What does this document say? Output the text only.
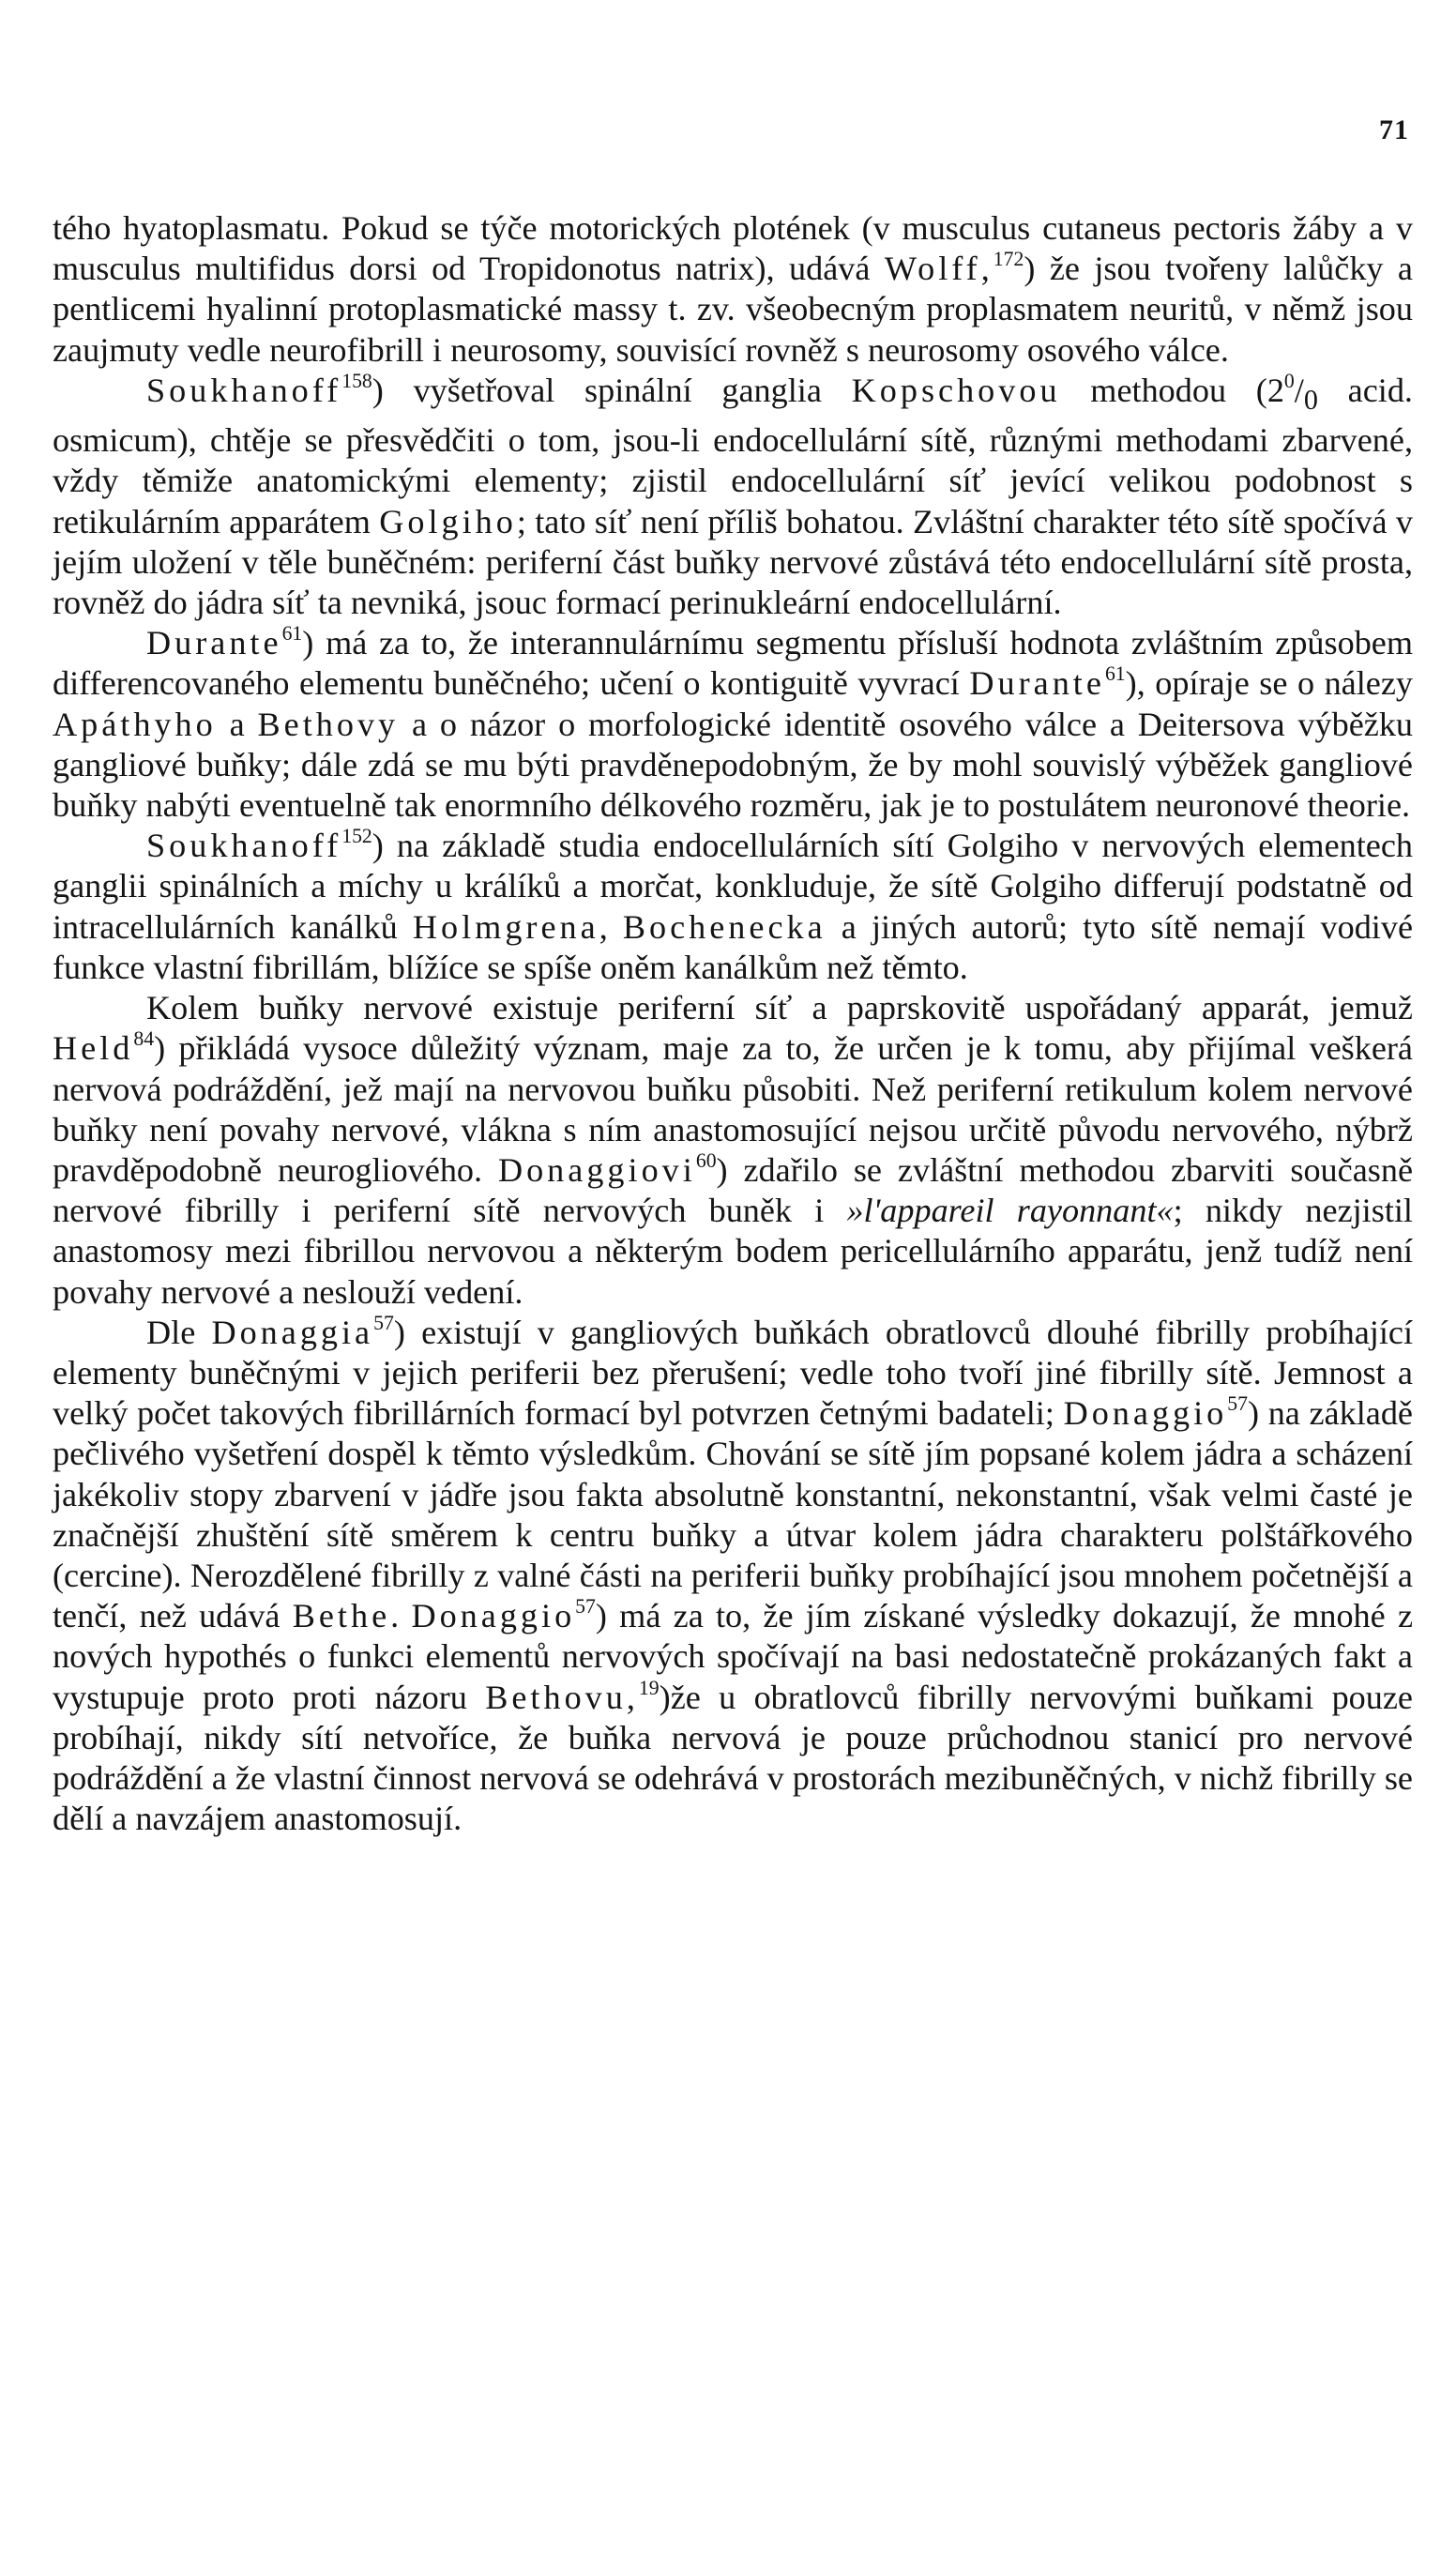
71

tého hyatoplasmatu. Pokud se týče motorických plotének (v musculus cutaneus pectoris žáby a v musculus multifidus dorsi od Tropidonotus natrix), udává Wolff,$^{172}$) že jsou tvořeny lalůčky a pentlicemi hyalinní protoplasmatické massy t. zv. všeobecným proplasmatem neuritů, v němž jsou zaujmuty vedle neurofibrill i neurosomy, souvisící rovněž s neurosomy osového válce.

Soukhanoff$^{158}$) vyšetřoval spinální ganglia Kopschovou methodou ($2^0/_0$ acid. osmicum), chtěje se přesvědčiti o tom, jsou-li endocellulární sítě, různými methodami zbarvené, vždy těmiže anatomickými elementy; zjistil endocellulární síť jevící velikou podobnost s retikulárním apparátem Golgiho; tato síť není příliš bohatou. Zvláštní charakter této sítě spočívá v jejím uložení v těle buněčném: periferní část buňky nervové zůstává této endocellulární sítě prosta, rovněž do jádra síť ta nevniká, jsouc formací perinukleární endocellulární.

Durante$^{61}$) má za to, že interannulárnímu segmentu přísluší hodnota zvláštním způsobem differencovaného elementu buněčného; učení o kontiguitě vyvrací Durante$^{61}$), opíraje se o nálezy Apáthyho a Bethovy a o názor o morfologické identitě osového válce a Deitersova výběžku gangliové buňky; dále zdá se mu býti pravděnepodobným, že by mohl souvislý výběžek gangliové buňky nabýti eventuelně tak enormního délkového rozměru, jak je to postulátem neuronové theorie.

Soukhanoff$^{152}$) na základě studia endocellulárních sítí Golgiho v nervových elementech ganglii spinálních a míchy u králíků a morčat, konkluduje, že sítě Golgiho differují podstatně od intracellulárních kanálků Holmgrena, Bochenecka a jiných autorů; tyto sítě nemají vodivé funkce vlastní fibrillám, blížíce se spíše oněm kanálkům než těmto.

Kolem buňky nervové existuje periferní síť a paprskovitě uspořádaný apparát, jemuž Held$^{84}$) přikládá vysoce důležitý význam, maje za to, že určen je k tomu, aby přijímal veškerá nervová podráždění, jež mají na nervovou buňku působiti. Než periferní retikulum kolem nervové buňky není povahy nervové, vlákna s ním anastomosující nejsou určitě původu nervového, nýbrž pravděpodobně neurogliového. Donaggiovi$^{60}$) zdařilo se zvláštní methodou zbarviti současně nervové fibrilly i periferní sítě nervových buněk i »l'appareil rayonnant«; nikdy nezjistil anastomosy mezi fibrillou nervovou a některým bodem pericellulárního apparátu, jenž tudíž není povahy nervové a neslouží vedení.

Dle Donaggia$^{57}$) existují v gangliových buňkách obratlovců dlouhé fibrilly probíhající elementy buněčnými v jejich periferii bez přerušení; vedle toho tvoří jiné fibrilly sítě. Jemnost a velký počet takových fibrillárních formací byl potvrzen četnými badateli; Donaggio$^{57}$) na základě pečlivého vyšetření dospěl k těmto výsledkům. Chování se sítě jím popsané kolem jádra a scházení jakékoliv stopy zbarvení v jádře jsou fakta absolutně konstantní, nekonstantní, však velmi časté je značnější zhuštění sítě směrem k centru buňky a útvar kolem jádra charakteru polštářkového (cercine). Nerozdělené fibrilly z valné části na periferii buňky probíhající jsou mnohem početnější a tenčí, než udává Bethe. Donaggio$^{57}$) má za to, že jím získané výsledky dokazují, že mnohé z nových hypothés o funkci elementů nervových spočívají na basi nedostatečně prokázaných fakt a vystupuje proto proti názoru Bethovu,$^{19}$)že u obratlovců fibrilly nervovými buňkami pouze probíhají, nikdy sítí netvoříce, že buňka nervová je pouze průchodnou stanicí pro nervové podráždění a že vlastní činnost nervová se odehrává v prostorách mezibuněčných, v nichž fibrilly se dělí a navzájem anastomosují.
